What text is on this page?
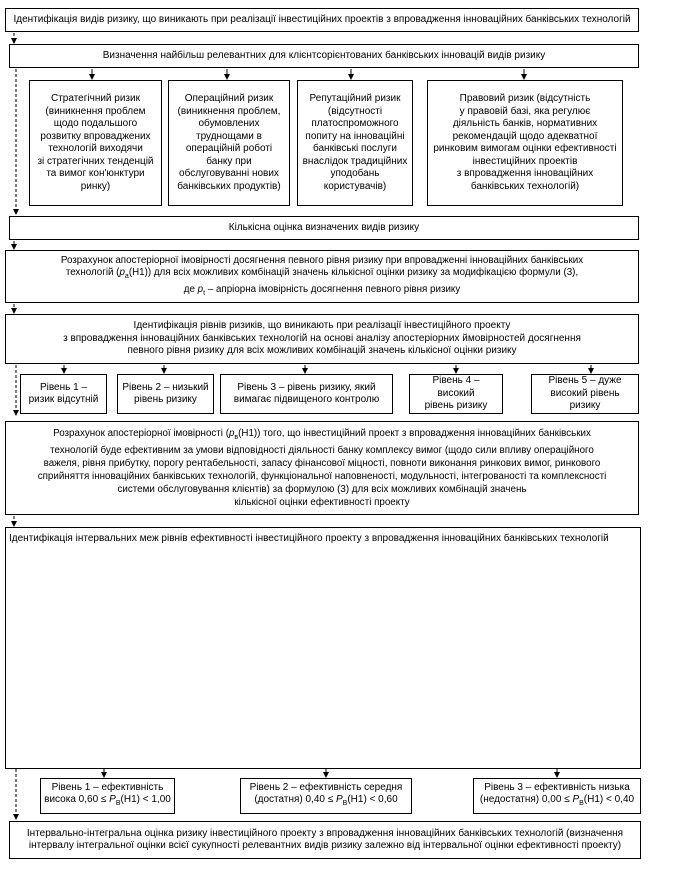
Ідентифікація видів ризику, що виникають при реалізації інвестиційних проектів з впровадження інноваційних банківських технологій
Визначення найбільш релевантних для клієнтсорієнтованих банківських інновацій видів ризику
Стратегічний ризик
(виникнення проблем
щодо подальшого
розвитку впроваджених
технологій виходячи
зі стратегічних тенденцій
та вимог кон'юнктури
ринку)
Операційний ризик
(виникнення проблем,
обумовлених
труднощами в
операційній роботі
банку при
обслуговуванні нових
банківських продуктів)
Репутаційний ризик
(відсутності
платоспроможного
попиту на інноваційні
банківські послуги
внаслідок традиційних
уподобань
користувачів)
Правовий ризик (відсутність
у правовій базі, яка регулює
діяльність банків, нормативних
рекомендацій щодо адекватної
ринковим вимогам оцінки ефективності
інвестиційних проектів
з впровадження інноваційних
банківських технологій)
Кількісна оцінка визначених видів ризику
Розрахунок апостеріорної імовірності досягнення певного рівня ризику при впровадженні інноваційних банківських
технологій $(p_a(H1))$ для всіх можливих комбінацій значень кількісної оцінки ризику за модифікацією формули (3),
де $p_t$ – апріорна імовірність досягнення певного рівня ризику
Ідентифікація рівнів ризиків, що виникають при реалізації інвестиційного проекту
з впровадження інноваційних банківських технологій на основі аналізу апостеріорних ймовірностей досягнення
певного рівня ризику для всіх можливих комбінацій значень кількісної оцінки ризику
Рівень 1 –
ризик відсутній
Рівень 2 – низький
рівень ризику
Рівень 3 – рівень ризику, який
вимагає підвищеного контролю
Рівень 4 – високий
рівень ризику
Рівень 5 – дуже
високий рівень ризику
Розрахунок апостеріорної імовірності $(p_в(H1))$ того, що інвестиційний проект з впровадження інноваційних банківських
технологій буде ефективним за умови відповідності діяльності банку комплексу вимог (щодо сили впливу операційного
важеля, рівня прибутку, порогу рентабельності, запасу фінансової міцності, повноти виконання ринкових вимог, ринкового
сприйняття інноваційних банківських технологій, функціональної наповненості, модульності, інтегрованості та комплексності
системи обслуговування клієнтів) за формулою (3) для всіх можливих комбінацій значень
кількісної оцінки ефективності проекту
Ідентифікація інтервальних меж рівнів ефективності інвестиційного проекту з впровадження інноваційних банківських технологій
Рівень 1 – ефективність
висока $0,60 \le P_B(H1) < 1,00$
Рівень 2 – ефективність середня
(достатня) $0,40 \le P_B(H1) < 0,60$
Рівень 3 – ефективність низька
(недостатня) $0,00 \le P_B(H1) < 0,40$
Інтервально-інтегральна оцінка ризику інвестиційного проекту з впровадження інноваційних банківських технологій (визначення
інтервалу інтегральної оцінки всієї сукупності релевантних видів ризику залежно від інтервальної оцінки ефективності проекту)
